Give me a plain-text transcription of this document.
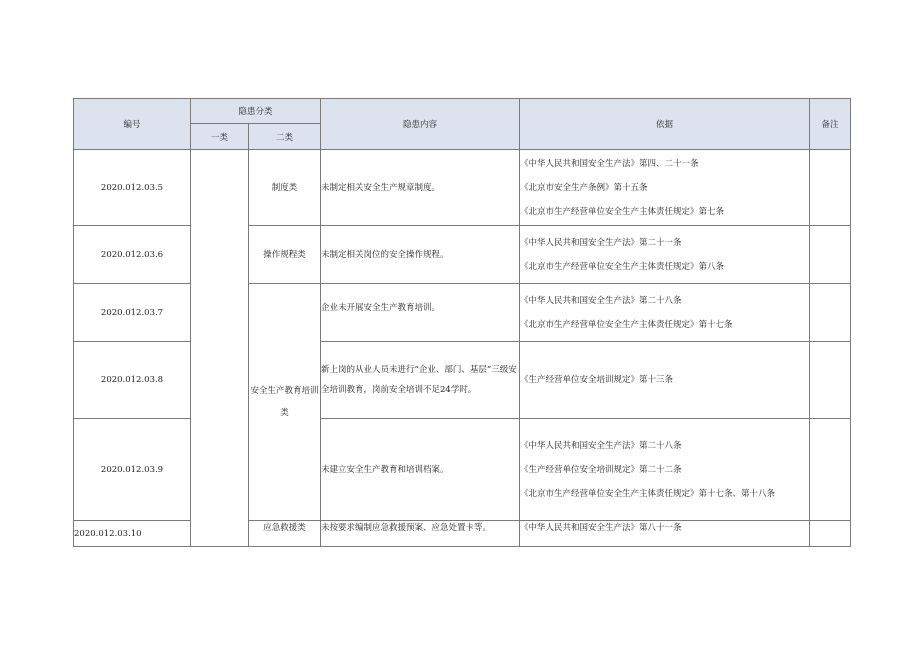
编号	隐患分类		隐患内容	依据	备注
	一类	二类			
2020.012.03.5		制度类	未制定相关安全生产规章制度。	《中华人民共和国安全生产法》第四、二十一条
《北京市安全生产条例》第十五条
《北京市生产经营单位安全生产主体责任规定》第七条	

2020.012.03.6		操作规程类	未制定相关岗位的安全操作规程。	《中华人民共和国安全生产法》第二十一条
《北京市生产经营单位安全生产主体责任规定》第八条	

2020.012.03.7		安全生产教育培训类	企业未开展安全生产教育培训。	《中华人民共和国安全生产法》第二十八条
《北京市生产经营单位安全生产主体责任规定》第十七条	

2020.012.03.8			新上岗的从业人员未进行“企业、部门、基层”三级安全培训教育，岗前安全培训不足24学时。	《生产经营单位安全培训规定》第十三条	

2020.012.03.9			未建立安全生产教育和培训档案。	《中华人民共和国安全生产法》第二十八条
《生产经营单位安全培训规定》第二十二条
《北京市生产经营单位安全生产主体责任规定》第十七条、第十八条	

2020.012.03.10		应急救援类	未按要求编制应急救援预案、应急处置卡等。	《中华人民共和国安全生产法》第八十一条	
